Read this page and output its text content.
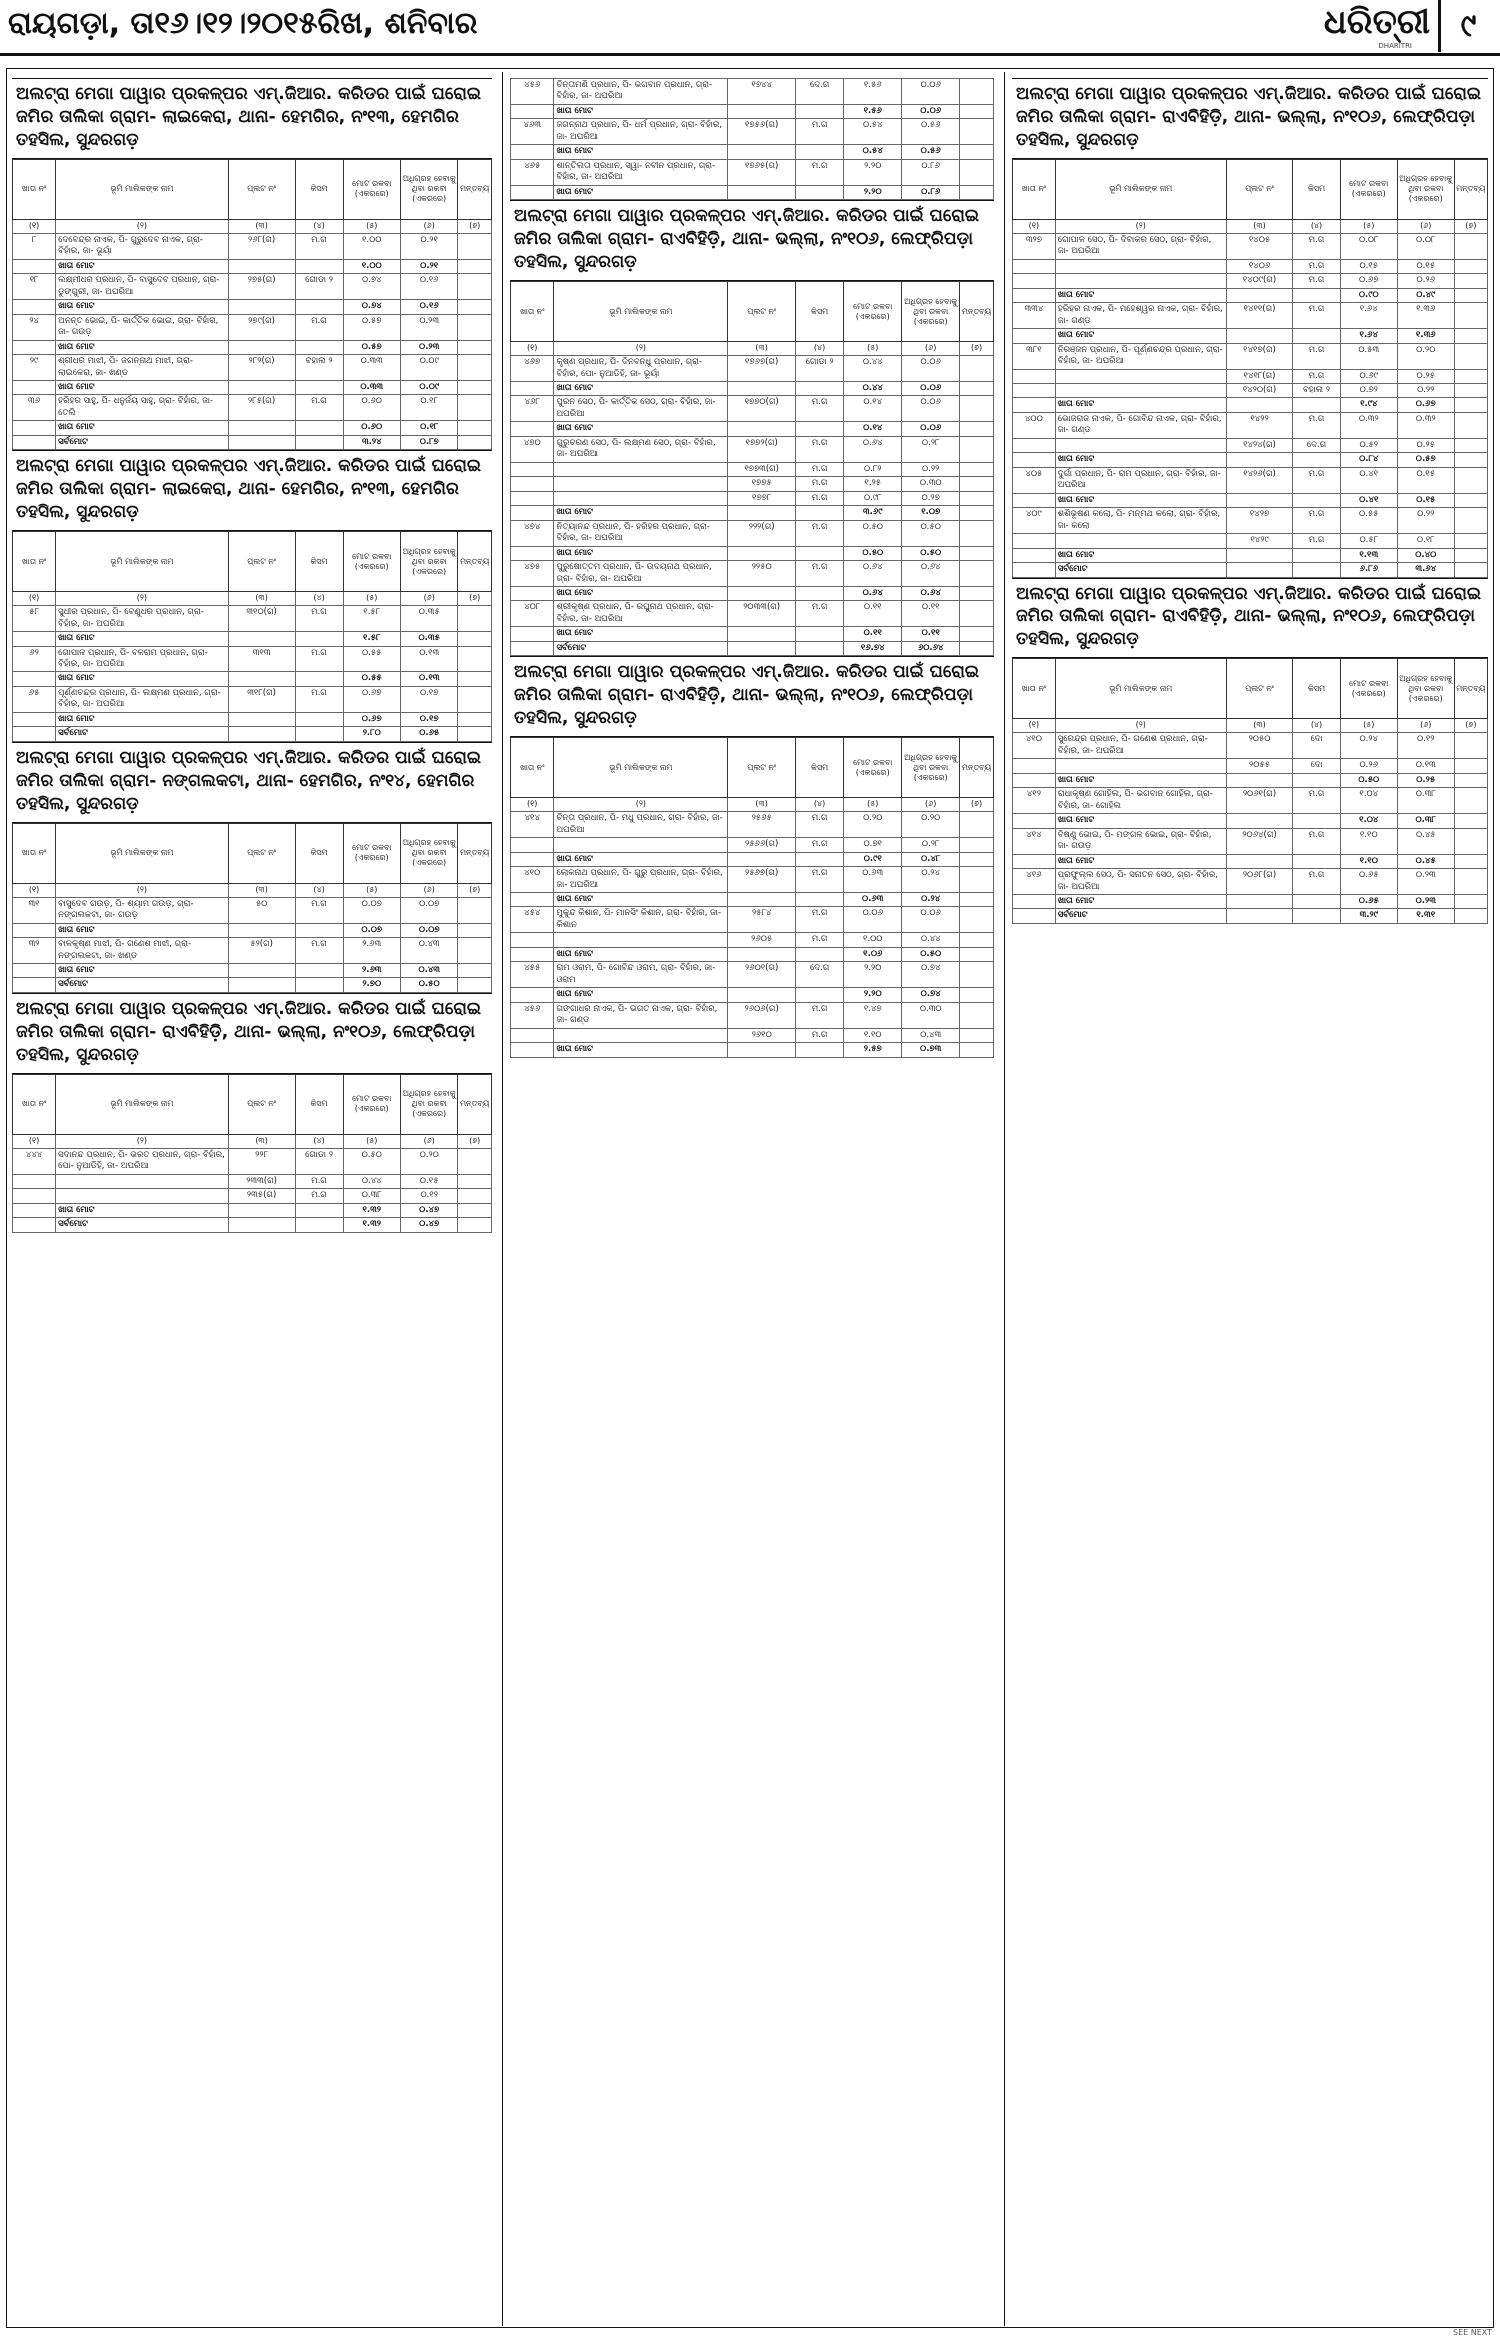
ରାୟଗଡ଼ା, ତା୧୬।୧୨।୨୦୧୫ରିଖ, ଶନିବାର	ଧରିତ୍ରୀ
DHARITRI
୯
ଅଲଟ୍ରା ମେଗା ପାୱାର ପ୍ରକଳ୍ପର ଏମ୍.ଜିଆର. କରିଡର ପାଇଁ ଘରୋଇ ଜମିର ତାଲିକା ଗ୍ରାମ- ଲାଇକେରା, ଥାନା- ହେମଗିର, ନଂ୧୩, ହେମଗିର ତହସିଲ, ସୁନ୍ଦରଗଡ଼
ଖାତା ନଂ	ଭୂମି ମାଲିକଙ୍କ ନାମ	ପ୍ଲଟ ନଂ	କିସମ	ମୋଟ ରକବା (ଏକରରେ)	ଅଧିଗ୍ରହ ହେବାକୁ ଥିବା ରକବା (ଏକରରେ)	ମନ୍ତବ୍ୟ
(୧)	(୨)	(୩)	(୪)	(୫)	(୬)	(୭)
୮	ଦେବେନ୍ଦ୍ର ନାଏକ, ପି- ଗୁରୁଦେବ ନାଏକ, ଗ୍ରା- ବିହାଁର, ଜା- ଭୂୟାଁ	୨୬୮(ଗ)	ମ.ଗ	୧.୦୦	୦.୨୧	
	ଖାତା ମୋଟ			୧.୦୦	୦.୨୧	
୧୮	ଲକ୍ଷ୍ମୀଧର ପ୍ରଧାନ, ପି- ବାସୁଦେବ ପ୍ରଧାନ, ଗ୍ରା- ଡୁଙ୍ଗୁରୀ, ଜା- ଅଘରିଆ	୨୭୫(ଗ)	ଗୋଡା ୨	୦.୭୪	୦.୧୬	
	ଖାତା ମୋଟ			୦.୭୪	୦.୧୬	
୨୪	ଅନନ୍ତ ଭୋଇ, ପି- କାର୍ତ୍ତିକ ଭୋଇ, ଗ୍ରା- ବିହାଁର, ଜା- ଗଉଡ଼	୨୭୯(ଗ)	ମ.ଗ	୦.୫୭	୦.୨୩	
	ଖାତା ମୋଟ			୦.୫୭	୦.୨୩	
୨୯	ଶ୍ରୀଧର ମାଝୀ, ପି- ଜଗନ୍ନାଥ ମାଝୀ, ଗ୍ରା- ଲାଇକେରା, ଜା- ଖଣ୍ଡ	୨୮୨(ଗ)	ବହାଲ ୨	୦.୩୩	୦.୦୯	
	ଖାତା ମୋଟ			୦.୩୩	୦.୦୯	
୩୬	ହରିହର ସାହୁ, ପି- ଧନୁର୍ଜୟ ସାହୁ, ଗ୍ରା- ବିହାଁର, ଜା- ତେଲି	୨୮୫(ଗ)	ମ.ଗ	୦.୬୦	୦.୧୮	
	ଖାତା ମୋଟ			୦.୬୦	୦.୧୮	
	ସର୍ବମୋଟ			୩.୨୪	୦.୮୭	
ଅଲଟ୍ରା ମେଗା ପାୱାର ପ୍ରକଳ୍ପର ଏମ୍.ଜିଆର. କରିଡର ପାଇଁ ଘରୋଇ ଜମିର ତାଲିକା ଗ୍ରାମ- ଲାଇକେରା, ଥାନା- ହେମଗିର, ନଂ୧୩, ହେମଗିର ତହସିଲ, ସୁନ୍ଦରଗଡ଼
ଖାତା ନଂ	ଭୂମି ମାଲିକଙ୍କ ନାମ	ପ୍ଲଟ ନଂ	କିସମ	ମୋଟ ରକବା (ଏକରରେ)	ଅଧିଗ୍ରହ ହେବାକୁ ଥିବା ରକବା (ଏକରରେ)	ମନ୍ତବ୍ୟ
(୧)	(୨)	(୩)	(୪)	(୫)	(୬)	(୭)
୫୮	ସୁଧୀର ପ୍ରଧାନ, ପି- ବେଣୁଧର ପ୍ରଧାନ, ଗ୍ରା- ବିହାଁର, ଜା- ଅଘରିଆ	୩୧୦(ଗ)	ମ.ଗ	୧.୫୮	୦.୩୫	
	ଖାତା ମୋଟ			୧.୫୮	୦.୩୫	
୬୨	ଗୋପାଳ ପ୍ରଧାନ, ପି- ବଳରାମ ପ୍ରଧାନ, ଗ୍ରା- ବିହାଁର, ଜା- ଅଘରିଆ	୩୧୩	ମ.ଗ	୦.୫୫	୦.୧୩	
	ଖାତା ମୋଟ			୦.୫୫	୦.୧୩	
୬୫	ପୂର୍ଣ୍ଣଚନ୍ଦ୍ର ପ୍ରଧାନ, ପି- ଲକ୍ଷ୍ମଣ ପ୍ରଧାନ, ଗ୍ରା- ବିହାଁର, ଜା- ଅଘରିଆ	୩୧୮(ଗ)	ମ.ଗ	୦.୬୭	୦.୧୭	
	ଖାତା ମୋଟ			୦.୬୭	୦.୧୭	
	ସର୍ବମୋଟ			୨.୮୦	୦.୬୫	
ଅଲଟ୍ରା ମେଗା ପାୱାର ପ୍ରକଳ୍ପର ଏମ୍.ଜିଆର. କରିଡର ପାଇଁ ଘରୋଇ ଜମିର ତାଲିକା ଗ୍ରାମ- ନଙ୍ଗଲକଟା, ଥାନା- ହେମଗିର, ନଂ୧୪, ହେମଗିର ତହସିଲ, ସୁନ୍ଦରଗଡ଼
ଖାତା ନଂ	ଭୂମି ମାଲିକଙ୍କ ନାମ	ପ୍ଲଟ ନଂ	କିସମ	ମୋଟ ରକବା (ଏକରରେ)	ଅଧିଗ୍ରହ ହେବାକୁ ଥିବା ରକବା (ଏକରରେ)	ମନ୍ତବ୍ୟ
(୧)	(୨)	(୩)	(୪)	(୫)	(୬)	(୭)
୩୧	ବାସୁଦେବ ଗଉଡ଼, ପି- ଶ୍ୟାମ ଗଉଡ଼, ଗ୍ରା- ନଙ୍ଗଲକଟା, ଜା- ଗଉଡ଼	୫୦	ମ.ଗ	୦.୦୭	୦.୦୭	
	ଖାତା ମୋଟ			୦.୦୭	୦.୦୭	
୩୨	ବାଳକୃଷ୍ଣ ମାଝୀ, ପି- ଗଣେଶ ମାଝୀ, ଗ୍ରା- ନଙ୍ଗଲକଟା, ଜା- ଖଣ୍ଡ	୫୨(ଗ)	ମ.ଗ	୨.୬୩	୦.୪୩	
	ଖାତା ମୋଟ			୨.୬୩	୦.୪୩	
	ସର୍ବମୋଟ			୨.୭୦	୦.୫୦	
ଅଲଟ୍ରା ମେଗା ପାୱାର ପ୍ରକଳ୍ପର ଏମ୍.ଜିଆର. କରିଡର ପାଇଁ ଘରୋଇ ଜମିର ତାଲିକା ଗ୍ରାମ- ରାଏବିହିଡ଼ି, ଥାନା- ଭଲ୍ଲା, ନଂ୧୦୬, ଲେଫ୍ରିପଡ଼ା ତହସିଲ, ସୁନ୍ଦରଗଡ଼
ଖାତା ନଂ	ଭୂମି ମାଲିକଙ୍କ ନାମ	ପ୍ଲଟ ନଂ	କିସମ	ମୋଟ ରକବା (ଏକରରେ)	ଅଧିଗ୍ରହ ହେବାକୁ ଥିବା ରକବା (ଏକରରେ)	ମନ୍ତବ୍ୟ
(୧)	(୨)	(୩)	(୪)	(୫)	(୬)	(୭)
୪୪୪	ସଦାନନ୍ଦ ପ୍ରଧାନ, ପି- ଭରତ ପ୍ରଧାନ, ଗ୍ରା- ବିହାଁର, ପୋ- ନୁଆଡିହି, ଜା- ଅଘରିଆ	୨୨୮	ଗୋଡା ୨	୦.୫୦	୦.୨୦	
		୨୩୩(ଗ)	ମ.ଗ	୦.୪୪	୦.୧୫	
		୨୩୫(ଗ)	ମ.ଗ	୦.୩୮	୦.୧୨	
	ଖାତା ମୋଟ			୧.୩୨	୦.୪୭	
	ସର୍ବମୋଟ			୧.୩୨	୦.୪୭	
୪୫୬	ଚିନ୍ତାମଣି ପ୍ରଧାନ, ପି- ଭଗବାନ ପ୍ରଧାନ, ଗ୍ରା- ବିହାଁର, ଜା- ଅଘରିଆ	୧୭୪୪	ଦେ.ଗ	୧.୫୬	୦.୦୬	
	ଖାତା ମୋଟ			୧.୫୬	୦.୦୬	
୪୬୩	ଜଗନ୍ନାଥ ପ୍ରଧାନ, ପି- ଧର୍ମ ପ୍ରଧାନ, ଗ୍ରା- ବିହାଁର, ଜା- ଅଘରିଆ	୧୭୫୬(ଗ)	ମ.ଗ	୦.୫୪	୦.୫୬	
	ଖାତା ମୋଟ			୦.୫୪	୦.୫୬	
୪୬୫	ଶାନ୍ତିଲତା ପ୍ରଧାନ, ସ୍ୱା- ନବୀନ ପ୍ରଧାନ, ଗ୍ରା- ବିହାଁର, ଜା- ଅଘରିଆ	୧୭୬୫(ଗ)	ମ.ଗ	୨.୨୦	୦.୮୬	
	ଖାତା ମୋଟ			୨.୨୦	୦.୮୬	
ଅଲଟ୍ରା ମେଗା ପାୱାର ପ୍ରକଳ୍ପର ଏମ୍.ଜିଆର. କରିଡର ପାଇଁ ଘରୋଇ ଜମିର ତାଲିକା ଗ୍ରାମ- ରାଏବିହିଡ଼ି, ଥାନା- ଭଲ୍ଲା, ନଂ୧୦୬, ଲେଫ୍ରିପଡ଼ା ତହସିଲ, ସୁନ୍ଦରଗଡ଼
ଖାତା ନଂ	ଭୂମି ମାଲିକଙ୍କ ନାମ	ପ୍ଲଟ ନଂ	କିସମ	ମୋଟ ରକବା (ଏକରରେ)	ଅଧିଗ୍ରହ ହେବାକୁ ଥିବା ରକବା (ଏକରରେ)	ମନ୍ତବ୍ୟ
(୧)	(୨)	(୩)	(୪)	(୫)	(୬)	(୭)
୪୬୭	କୃଷ୍ଣ ପ୍ରଧାନ, ପି- ଦିନବନ୍ଧୁ ପ୍ରଧାନ, ଗ୍ରା- ବିହାଁର, ପୋ- ନୁଆଡିହି, ଜା- ଭୂୟାଁ	୧୭୬୭(ଗ)	ଗୋଡା ୨	୦.୪୪	୦.୦୬	
	ଖାତା ମୋଟ			୦.୪୪	୦.୦୬	
୪୬୮	ପୁରନ ସେଠ, ପି- କାର୍ତ୍ତିକ ସେଠ, ଗ୍ରା- ବିହାଁର, ଜା- ଅଘରିଆ	୧୭୭୦(ଗ)	ମ.ଗ	୦.୧୪	୦.୦୬	
	ଖାତା ମୋଟ			୦.୧୪	୦.୦୬	
୪୭୦	ଗୁରୁଚରଣ ସେଠ, ପି- ଲକ୍ଷ୍ମଣ ସେଠ, ଗ୍ରା- ବିହାଁର, ଜା- ଅଘରିଆ	୧୭୭୨(ଗ)	ମ.ଗ	୦.୬୪	୦.୨୮	
		୧୭୭୩(ଗ)	ମ.ଗ	୦.୮୨	୦.୨୨	
		୧୭୭୫	ମ.ଗ	୧.୨୫	୦.୩୦	
		୧୭୭୮	ମ.ଗ	୦.୯୮	୦.୨୭	
	ଖାତା ମୋଟ			୩.୬୯	୧.୦୭	
୪୭୪	ନିତ୍ୟାନନ୍ଦ ପ୍ରଧାନ, ପି- ହରିହର ପ୍ରଧାନ, ଗ୍ରା- ବିହାଁର, ଜା- ଅଘରିଆ	୨୨୨(ଗ)	ମ.ଗ	୦.୫୦	୦.୫୦	
	ଖାତା ମୋଟ			୦.୫୦	୦.୫୦	
୪୭୫	ପୁରୁଷୋତ୍ତମ ପ୍ରଧାନ, ପି- ଉଦୟନାଥ ପ୍ରଧାନ, ଗ୍ରା- ବିହାଁର, ଜା- ଅଘରିଆ	୨୨୫୦	ମ.ଗ	୦.୬୪	୦.୬୪	
	ଖାତା ମୋଟ			୦.୬୪	୦.୬୪	
୪୦୮	ଶ୍ରୀକୃଷ୍ଣ ପ୍ରଧାନ, ପି- ରଘୁନାଥ ପ୍ରଧାନ, ଗ୍ରା- ବିହାଁର, ଜା- ଅଘରିଆ	୨୦୩୩(ଗ)	ମ.ଗ	୦.୧୧	୦.୧୧	
	ଖାତା ମୋଟ			୦.୧୧	୦.୧୧	
	ସର୍ବମୋଟ			୧୬.୭୪	୬୦.୬୪	
ଅଲଟ୍ରା ମେଗା ପାୱାର ପ୍ରକଳ୍ପର ଏମ୍.ଜିଆର. କରିଡର ପାଇଁ ଘରୋଇ ଜମିର ତାଲିକା ଗ୍ରାମ- ରାଏବିହିଡ଼ି, ଥାନା- ଭଲ୍ଲା, ନଂ୧୦୬, ଲେଫ୍ରିପଡ଼ା ତହସିଲ, ସୁନ୍ଦରଗଡ଼
ଖାତା ନଂ	ଭୂମି ମାଲିକଙ୍କ ନାମ	ପ୍ଲଟ ନଂ	କିସମ	ମୋଟ ରକବା (ଏକରରେ)	ଅଧିଗ୍ରହ ହେବାକୁ ଥିବା ରକବା (ଏକରରେ)	ମନ୍ତବ୍ୟ
(୧)	(୨)	(୩)	(୪)	(୫)	(୬)	(୭)
୪୧୪	ଚିନ୍ତା ପ୍ରଧାନ, ପି- ମଧୁ ପ୍ରଧାନ, ଗ୍ରା- ବିହାଁର, ଜା- ଅଘରିଆ	୨୫୬୫	ମ.ଗ	୦.୨୦	୦.୨୦	
		୨୫୬୬(ଗ)	ମ.ଗ	୦.୭୧	୦.୨୮	
	ଖାତା ମୋଟ			୦.୯୧	୦.୪୮	
୪୧୦	ଲୋକନାଥ ପ୍ରଧାନ, ପି- ଗୁରୁ ପ୍ରଧାନ, ଗ୍ରା- ବିହାଁର, ଜା- ଅଘରିଆ	୨୫୬୭(ଗ)	ମ.ଗ	୦.୬୩	୦.୨୪	
	ଖାତା ମୋଟ			୦.୬୩	୦.୨୪	
୪୫୪	ମୁକୁନ୍ଦ କିଶାନ, ପି- ମାନସିଂ କିଶାନ, ଗ୍ରା- ବିହାଁର, ଜା- କିଶାନ	୨୫୮୪	ମ.ଗ	୦.୦୬	୦.୦୬	
		୨୬୦୫	ମ.ଗ	୧.୦୦	୦.୪୪	
	ଖାତା ମୋଟ			୧.୦୬	୦.୫୦	
୪୫୫	ରାମ ଓରାମ, ପି- ଗୋବିନ୍ଦ ଓରାମ, ଗ୍ରା- ବିହାଁର, ଜା- ଓରାମ	୨୬୦୧(ଗ)	ଦେ.ଗ	୨.୨୦	୦.୭୪	
	ଖାତା ମୋଟ			୨.୨୦	୦.୭୪	
୪୫୬	ଗଙ୍ଗାଧର ନାଏକ, ପି- ଭଗତ ନାଏକ, ଗ୍ରା- ବିହାଁର, ଜା- ଗଣ୍ଡ	୨୬୦୬(ଗ)	ମ.ଗ	୧.୪୭	୦.୩୦	
		୨୬୧୦	ମ.ଗ	୧.୧୦	୦.୪୩	
	ଖାତା ମୋଟ			୨.୫୭	୦.୭୩	
ଅଲଟ୍ରା ମେଗା ପାୱାର ପ୍ରକଳ୍ପର ଏମ୍.ଜିଆର. କରିଡର ପାଇଁ ଘରୋଇ ଜମିର ତାଲିକା ଗ୍ରାମ- ରାଏବିହିଡ଼ି, ଥାନା- ଭଲ୍ଲା, ନଂ୧୦୬, ଲେଫ୍ରିପଡ଼ା ତହସିଲ, ସୁନ୍ଦରଗଡ଼
ଖାତା ନଂ	ଭୂମି ମାଲିକଙ୍କ ନାମ	ପ୍ଲଟ ନଂ	କିସମ	ମୋଟ ରକବା (ଏକରରେ)	ଅଧିଗ୍ରହ ହେବାକୁ ଥିବା ରକବା (ଏକରରେ)	ମନ୍ତବ୍ୟ
(୧)	(୨)	(୩)	(୪)	(୫)	(୬)	(୭)
୩୨୭	ଗୋପାଳ ସେଠ, ପି- ଦିବାକର ସେଠ, ଗ୍ରା- ବିହାଁର, ଜା- ଅଘରିଆ	୧୪୦୫	ମ.ଗ	୦.୦୮	୦.୦୮	
		୧୪୦୬	ମ.ଗ	୦.୧୫	୦.୧୫	
		୧୪୦୯(ଗ)	ମ.ଗ	୦.୬୭	୦.୨୬	
	ଖାତା ମୋଟ			୦.୯୦	୦.୪୯	
୩୩୪	ହରିହର ନାଏକ, ପି- ମହେଶ୍ୱର ନାଏକ, ଗ୍ରା- ବିହାଁର, ଜା- ଗଣ୍ଡ	୧୪୧୧(ଗ)	ମ.ଗ	୧.୬୪	୧.୩୬	
	ଖାତା ମୋଟ			୧.୬୪	୧.୩୬	
୩୮୧	ନିରଞ୍ଜନ ପ୍ରଧାନ, ପି- ପୂର୍ଣ୍ଣଚନ୍ଦ୍ର ପ୍ରଧାନ, ଗ୍ରା- ବିହାଁର, ଜା- ଅଘରିଆ	୧୪୧୭(ଗ)	ମ.ଗ	୦.୫୩	୦.୨୦	
		୧୪୧୮(ଗ)	ମ.ଗ	୦.୬୯	୦.୨୫	
		୧୪୨୦(ଗ)	ବହାଲ ୨	୦.୭୨	୦.୨୨	
	ଖାତା ମୋଟ			୧.୯୪	୦.୬୭	
୪୦୦	ଭୋଜରାଜ ନାଏକ, ପି- ଗୋବିନ୍ଦ ନାଏକ, ଗ୍ରା- ବିହାଁର, ଜା- ଗଣ୍ଡ	୧୪୨୨	ମ.ଗ	୦.୩୨	୦.୩୨	
		୧୪୨୪(ଗ)	ଦେ.ଗ	୦.୫୨	୦.୨୫	
	ଖାତା ମୋଟ			୦.୮୪	୦.୫୭	
୪୦୫	ଦୁର୍ଗା ପ୍ରଧାନ, ପି- ରାମ ପ୍ରଧାନ, ଗ୍ରା- ବିହାଁର, ଜା- ଅଘରିଆ	୧୪୨୬(ଗ)	ମ.ଗ	୦.୪୧	୦.୧୫	
	ଖାତା ମୋଟ			୦.୪୧	୦.୧୫	
୪୦୯	ଶଶିଭୂଷଣ କଲୋ, ପି- ମନ୍ମଥ କଲୋ, ଗ୍ରା- ବିହାଁର, ଜା- କଲୋ	୧୪୨୭	ମ.ଗ	୦.୫୫	୦.୨୨	
		୧୪୨୯	ମ.ଗ	୦.୫୮	୦.୧୮	
	ଖାତା ମୋଟ			୧.୧୩	୦.୪୦	
	ସର୍ବମୋଟ			୬.୮୬	୩.୬୪	
ଅଲଟ୍ରା ମେଗା ପାୱାର ପ୍ରକଳ୍ପର ଏମ୍.ଜିଆର. କରିଡର ପାଇଁ ଘରୋଇ ଜମିର ତାଲିକା ଗ୍ରାମ- ରାଏବିହିଡ଼ି, ଥାନା- ଭଲ୍ଲା, ନଂ୧୦୬, ଲେଫ୍ରିପଡ଼ା ତହସିଲ, ସୁନ୍ଦରଗଡ଼
ଖାତା ନଂ	ଭୂମି ମାଲିକଙ୍କ ନାମ	ପ୍ଲଟ ନଂ	କିସମ	ମୋଟ ରକବା (ଏକରରେ)	ଅଧିଗ୍ରହ ହେବାକୁ ଥିବା ରକବା (ଏକରରେ)	ମନ୍ତବ୍ୟ
(୧)	(୨)	(୩)	(୪)	(୫)	(୬)	(୭)
୪୧୦	ସୁରେନ୍ଦ୍ର ପ୍ରଧାନ, ପି- ଗଣେଶ ପ୍ରଧାନ, ଗ୍ରା- ବିହାଁର, ଜା- ଅଘରିଆ	୨୦୫୦	ଦୋ	୦.୨୪	୦.୧୨	
		୨୦୫୫	ଦୋ	୦.୨୬	୦.୧୩	
	ଖାତା ମୋଟ			୦.୫୦	୦.୨୫	
୪୧୨	ରାଧାକୃଷ୍ଣ ଗୋହିଲ, ପି- ଭଗବାନ ଗୋହିଲ, ଗ୍ରା- ବିହାଁର, ଜା- ଗୋହିଲ	୨୦୬୧(ଗ)	ମ.ଗ	୧.୦୪	୦.୩୮	
	ଖାତା ମୋଟ			୧.୦୪	୦.୩୮	
୪୧୪	ବିଷ୍ଣୁ ଭୋଇ, ପି- ମଙ୍ଗଳ ଭୋଇ, ଗ୍ରା- ବିହାଁର, ଜା- ଗଉଡ଼	୨୦୬୪(ଗ)	ମ.ଗ	୧.୧୦	୦.୪୫	
	ଖାତା ମୋଟ			୧.୧୦	୦.୪୫	
୪୧୬	ପ୍ରଫୁଲ୍ଲ ସେଠ, ପି- ସନାତନ ସେଠ, ଗ୍ରା- ବିହାଁର, ଜା- ଅଘରିଆ	୨୦୬୮(ଗ)	ମ.ଗ	୦.୬୫	୦.୨୩	
	ଖାତା ମୋଟ			୦.୬୫	୦.୨୩	
	ସର୍ବମୋଟ			୩.୨୯	୧.୩୧	
SEE NEXT
